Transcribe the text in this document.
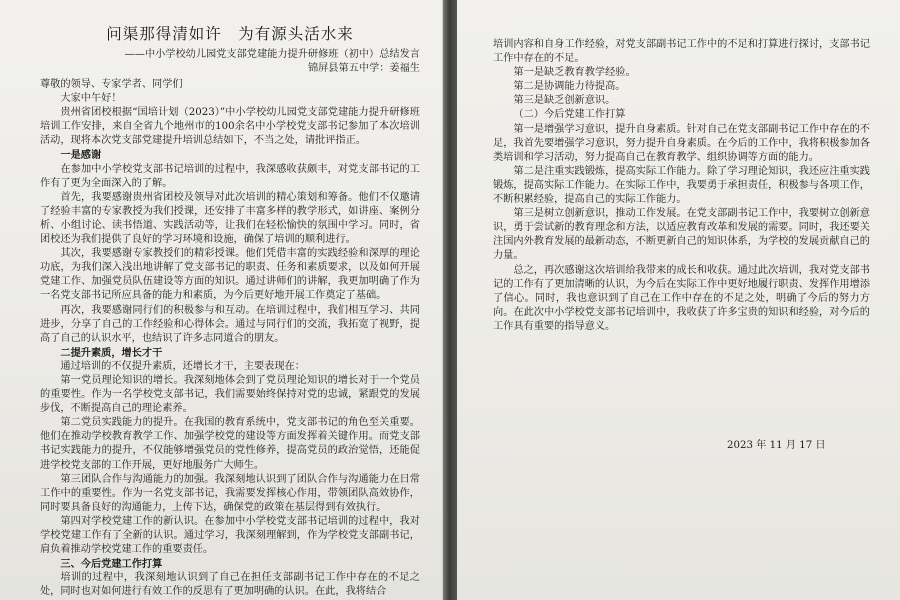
问渠那得清如许　为有源头活水来
——中小学校幼儿园党支部党建能力提升研修班（初中）总结发言
锦屏县第五中学：姜福生

尊敬的领导、专家学者、同学们

大家中午好！

贵州省团校根据“国培计划（2023）”中小学校幼儿园党支部党建能力提升研修班培训工作安排，来自全省九个地州市的100余名中小学校党支部书记参加了本次培训活动，现将本次党支部党建提升培训总结如下，不当之处，请批评指正。

一是感谢

在参加中小学校党支部书记培训的过程中，我深感收获颇丰，对党支部书记的工作有了更为全面深入的了解。

首先，我要感谢贵州省团校及领导对此次培训的精心策划和筹备。他们不仅邀请了经验丰富的专家教授为我们授课，还安排了丰富多样的教学形式，如讲座、案例分析、小组讨论、读书悟道、实践活动等，让我们在轻松愉快的氛围中学习。同时，省团校还为我们提供了良好的学习环境和设施，确保了培训的顺利进行。

其次，我要感谢专家教授们的精彩授课。他们凭借丰富的实践经验和深厚的理论功底，为我们深入浅出地讲解了党支部书记的职责、任务和素质要求，以及如何开展党建工作、加强党员队伍建设等方面的知识。通过讲师们的讲解，我更加明确了作为一名党支部书记所应具备的能力和素质，为今后更好地开展工作奠定了基础。

再次，我要感谢同行们的积极参与和互动。在培训过程中，我们相互学习、共同进步，分享了自己的工作经验和心得体会。通过与同行们的交流，我拓宽了视野，提高了自己的认识水平，也结识了许多志同道合的朋友。

二提升素质，增长才干

通过培训的不仅提升素质，还增长才干，主要表现在：

第一党员理论知识的增长。我深刻地体会到了党员理论知识的增长对于一个党员的重要性。作为一名学校党支部书记，我们需要始终保持对党的忠诚，紧跟党的发展步伐，不断提高自己的理论素养。

第二党员实践能力的提升。在我国的教育系统中，党支部书记的角色至关重要。他们在推动学校教育教学工作、加强学校党的建设等方面发挥着关键作用。而党支部书记实践能力的提升，不仅能够增强党员的党性修养，提高党员的政治觉悟，还能促进学校党支部的工作开展，更好地服务广大师生。

第三团队合作与沟通能力的加强。我深刻地认识到了团队合作与沟通能力在日常工作中的重要性。作为一名党支部书记，我需要发挥核心作用，带领团队高效协作，同时要具备良好的沟通能力，上传下达，确保党的政策在基层得到有效执行。

第四对学校党建工作的新认识。在参加中小学校党支部书记培训的过程中，我对学校党建工作有了全新的认识。通过学习，我深刻理解到，作为学校党支部副书记，肩负着推动学校党建工作的重要责任。

三、今后党建工作打算

培训的过程中，我深刻地认识到了自己在担任支部副书记工作中存在的不足之处，同时也对如何进行有效工作的反思有了更加明确的认识。在此，我将结合

培训内容和自身工作经验，对党支部副书记工作中的不足和打算进行探讨，支部书记工作中存在的不足。

第一是缺乏教育教学经验。

第二是协调能力待提高。

第三是缺乏创新意识。

（二）今后党建工作打算

第一是增强学习意识，提升自身素质。针对自己在党支部副书记工作中存在的不足，我首先要增强学习意识，努力提升自身素质。在今后的工作中，我将积极参加各类培训和学习活动，努力提高自己在教育教学、组织协调等方面的能力。

第二是注重实践锻炼，提高实际工作能力。除了学习理论知识，我还应注重实践锻炼，提高实际工作能力。在实际工作中，我要勇于承担责任，积极参与各项工作，不断积累经验，提高自己的实际工作能力。

第三是树立创新意识，推动工作发展。在党支部副书记工作中，我要树立创新意识，勇于尝试新的教育理念和方法，以适应教育改革和发展的需要。同时，我还要关注国内外教育发展的最新动态，不断更新自己的知识体系，为学校的发展贡献自己的力量。

总之，再次感谢这次培训给我带来的成长和收获。通过此次培训，我对党支部书记的工作有了更加清晰的认识，为今后在实际工作中更好地履行职责、发挥作用增添了信心。同时，我也意识到了自己在工作中存在的不足之处，明确了今后的努力方向。在此次中小学校党支部书记培训中，我收获了许多宝贵的知识和经验，对今后的工作具有重要的指导意义。

2023 年 11 月 17 日
